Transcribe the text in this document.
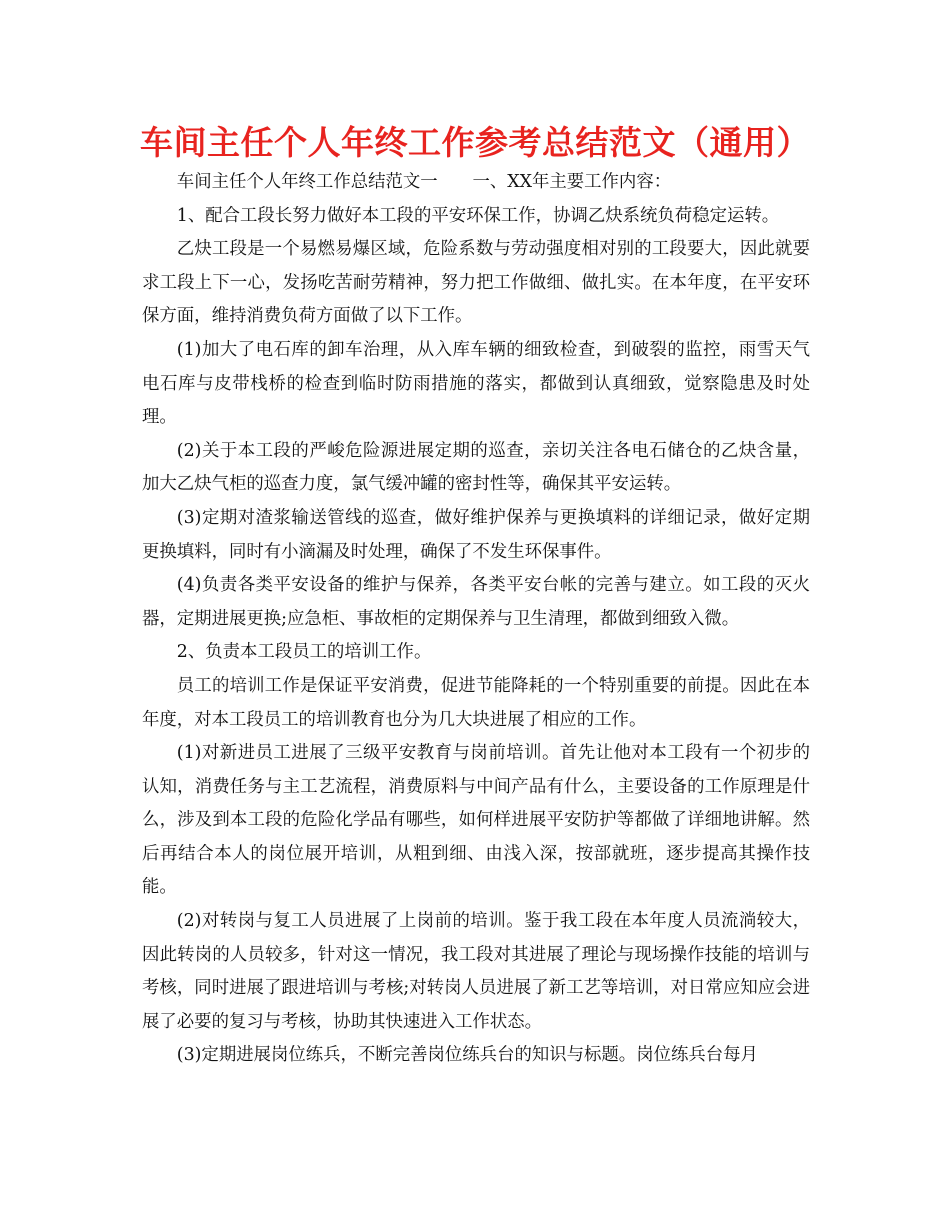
车间主任个人年终工作参考总结范文（通用）

车间主任个人年终工作总结范文一　　一、XX年主要工作内容：

1、配合工段长努力做好本工段的平安环保工作，协调乙炔系统负荷稳定运转。

乙炔工段是一个易燃易爆区域，危险系数与劳动强度相对别的工段要大，因此就要求工段上下一心，发扬吃苦耐劳精神，努力把工作做细、做扎实。在本年度，在平安环保方面，维持消费负荷方面做了以下工作。

(1)加大了电石库的卸车治理，从入库车辆的细致检查，到破裂的监控，雨雪天气电石库与皮带栈桥的检查到临时防雨措施的落实，都做到认真细致，觉察隐患及时处理。

(2)关于本工段的严峻危险源进展定期的巡查，亲切关注各电石储仓的乙炔含量，加大乙炔气柜的巡查力度，氯气缓冲罐的密封性等，确保其平安运转。

(3)定期对渣浆输送管线的巡查，做好维护保养与更换填料的详细记录，做好定期更换填料，同时有小滴漏及时处理，确保了不发生环保事件。

(4)负责各类平安设备的维护与保养，各类平安台帐的完善与建立。如工段的灭火器，定期进展更换;应急柜、事故柜的定期保养与卫生清理，都做到细致入微。

2、负责本工段员工的培训工作。

员工的培训工作是保证平安消费，促进节能降耗的一个特别重要的前提。因此在本年度，对本工段员工的培训教育也分为几大块进展了相应的工作。

(1)对新进员工进展了三级平安教育与岗前培训。首先让他对本工段有一个初步的认知，消费任务与主工艺流程，消费原料与中间产品有什么，主要设备的工作原理是什么，涉及到本工段的危险化学品有哪些，如何样进展平安防护等都做了详细地讲解。然后再结合本人的岗位展开培训，从粗到细、由浅入深，按部就班，逐步提高其操作技能。

(2)对转岗与复工人员进展了上岗前的培训。鉴于我工段在本年度人员流淌较大，因此转岗的人员较多，针对这一情况，我工段对其进展了理论与现场操作技能的培训与考核，同时进展了跟进培训与考核;对转岗人员进展了新工艺等培训，对日常应知应会进展了必要的复习与考核，协助其快速进入工作状态。

(3)定期进展岗位练兵，不断完善岗位练兵台的知识与标题。岗位练兵台每月
